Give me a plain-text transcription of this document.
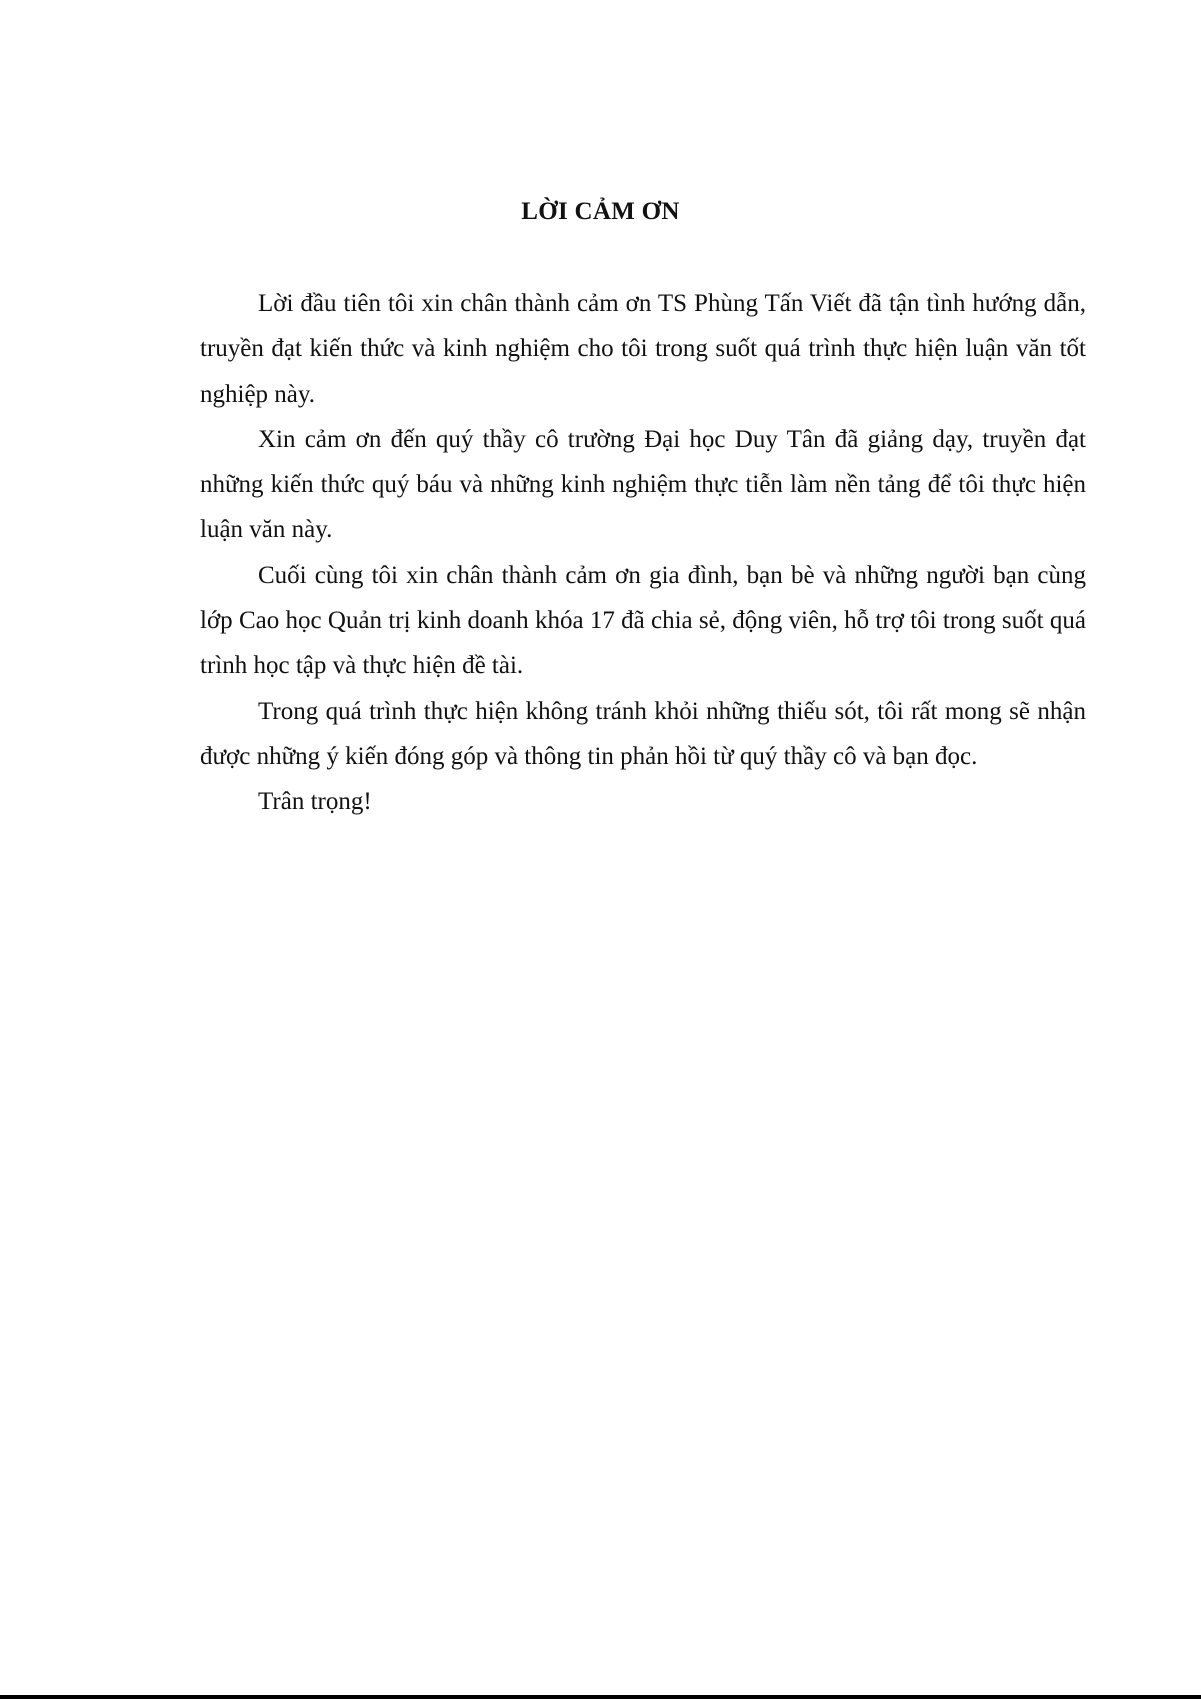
LỜI CẢM ƠN

Lời đầu tiên tôi xin chân thành cảm ơn TS Phùng Tấn Viết đã tận tình hướng dẫn, truyền đạt kiến thức và kinh nghiệm cho tôi trong suốt quá trình thực hiện luận văn tốt nghiệp này.

Xin cảm ơn đến quý thầy cô trường Đại học Duy Tân đã giảng dạy, truyền đạt những kiến thức quý báu và những kinh nghiệm thực tiễn làm nền tảng để tôi thực hiện luận văn này.

Cuối cùng tôi xin chân thành cảm ơn gia đình, bạn bè và những người bạn cùng lớp Cao học Quản trị kinh doanh khóa 17 đã chia sẻ, động viên, hỗ trợ tôi trong suốt quá trình học tập và thực hiện đề tài.

Trong quá trình thực hiện không tránh khỏi những thiếu sót, tôi rất mong sẽ nhận được những ý kiến đóng góp và thông tin phản hồi từ quý thầy cô và bạn đọc.

Trân trọng!
